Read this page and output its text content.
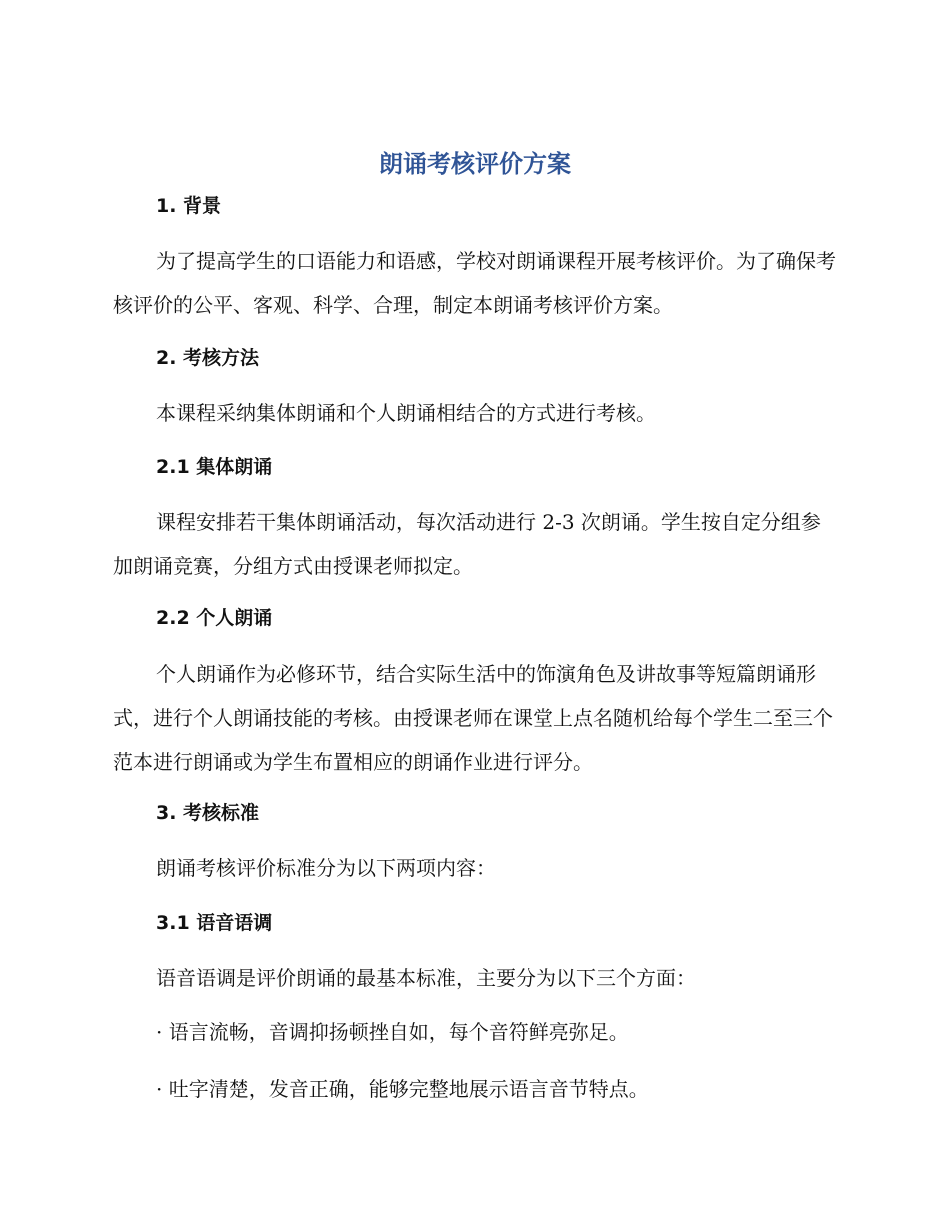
朗诵考核评价方案
1. 背景

为了提高学生的口语能力和语感，学校对朗诵课程开展考核评价。为了确保考核评价的公平、客观、科学、合理，制定本朗诵考核评价方案。

2. 考核方法

本课程采纳集体朗诵和个人朗诵相结合的方式进行考核。

2.1 集体朗诵

课程安排若干集体朗诵活动，每次活动进行 2-3 次朗诵。学生按自定分组参加朗诵竞赛，分组方式由授课老师拟定。

2.2 个人朗诵

个人朗诵作为必修环节，结合实际生活中的饰演角色及讲故事等短篇朗诵形式，进行个人朗诵技能的考核。由授课老师在课堂上点名随机给每个学生二至三个范本进行朗诵或为学生布置相应的朗诵作业进行评分。

3. 考核标准

朗诵考核评价标准分为以下两项内容：

3.1 语音语调

语音语调是评价朗诵的最基本标准，主要分为以下三个方面：

· 语言流畅，音调抑扬顿挫自如，每个音符鲜亮弥足。

· 吐字清楚，发音正确，能够完整地展示语言音节特点。
